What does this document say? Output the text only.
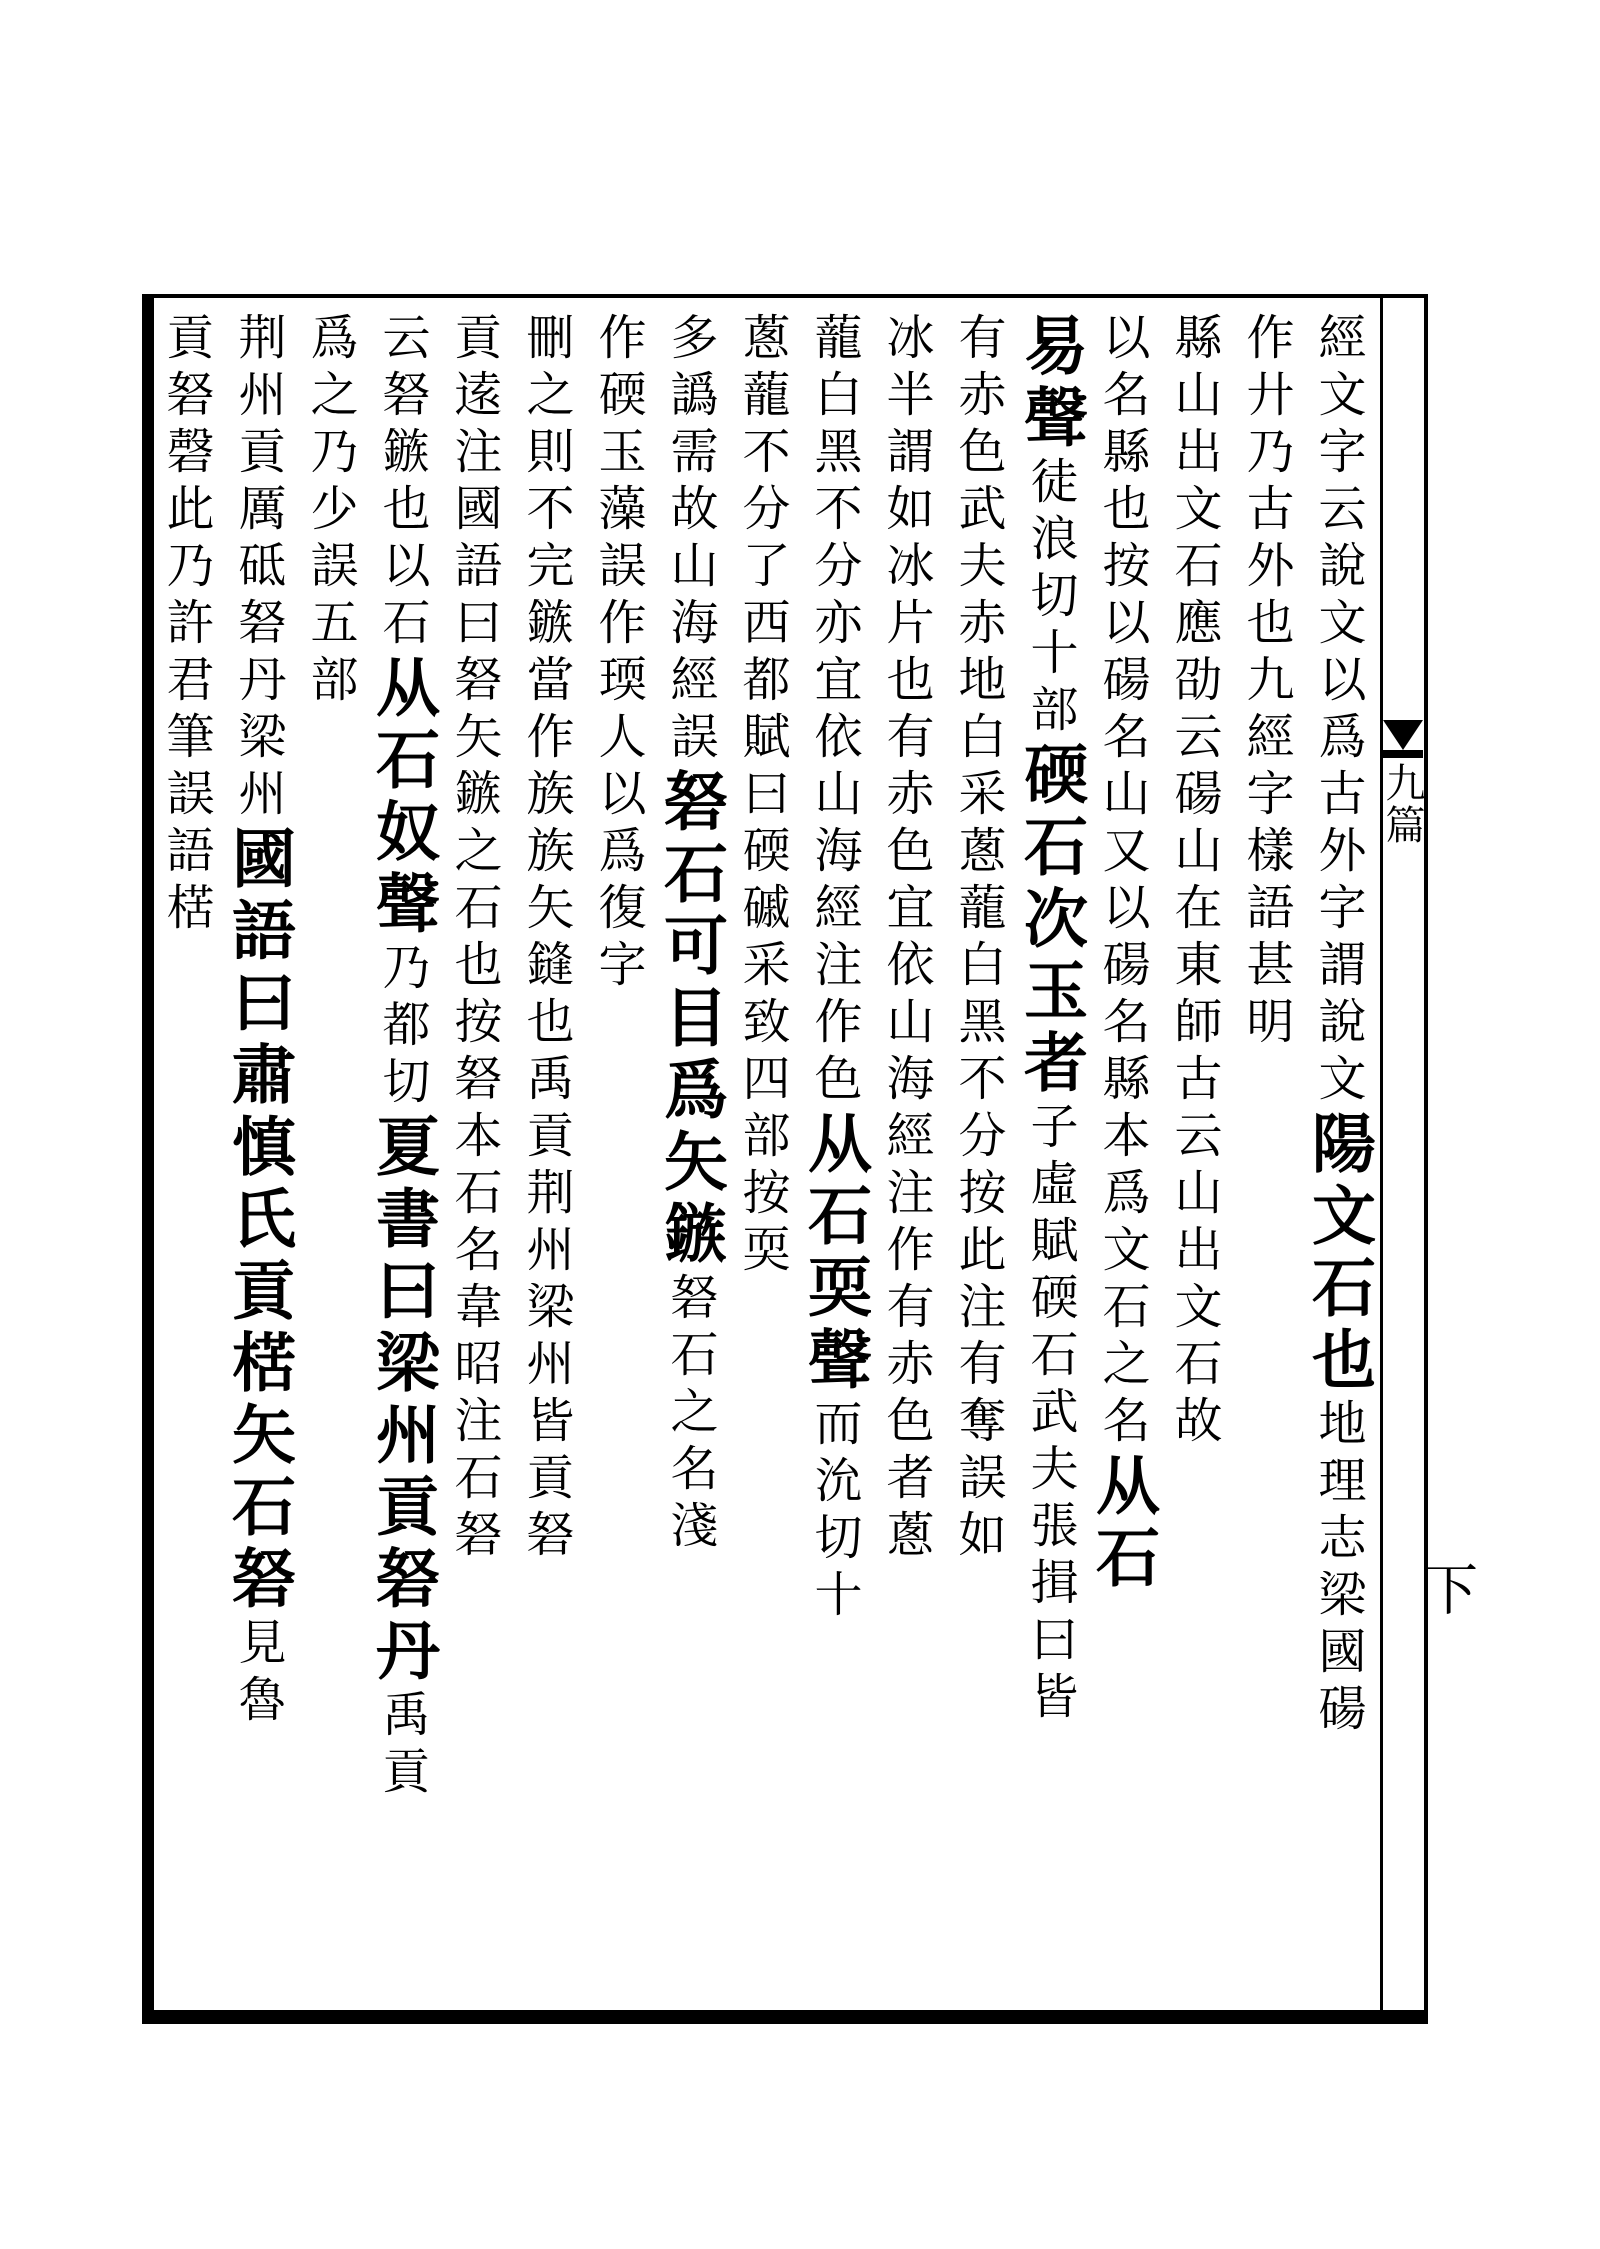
九篇
下
經文字云說文以爲古外字謂說文陽文石也地理志梁國碭
作廾乃古外也九經字樣語甚明
縣山出文石應劭云碭山在東師古云山出文石故
以名縣也按以碭名山又以碭名縣本爲文石之名从石
易聲徒浪切十部碝石次玉者子虛賦碝石武夫張揖曰皆
有赤色武夫赤地白采蔥蘢白黑不分按此注有奪誤如
冰半謂如冰片也有赤色宜依山海經注作有赤色者蔥
蘢白黑不分亦宜依山海經注作色从石耎聲而沇切十
蔥蘢不分了西都賦曰碝磩采致四部按耎
多譌需故山海經誤砮石可目爲矢鏃砮石之名淺
作碝玉藻誤作瑌人以爲復字
刪之則不完鏃當作族族矢鏠也禹貢荆州梁州皆貢砮
貢逺注國語曰砮矢鏃之石也按砮本石名韋昭注石砮
云砮鏃也以石从石奴聲乃都切夏書曰梁州貢砮丹禹貢
爲之乃少誤五部
荆州貢厲砥砮丹梁州國語曰肅慎氏貢楛矢石砮見魯
貢砮磬此乃許君筆誤語楛
